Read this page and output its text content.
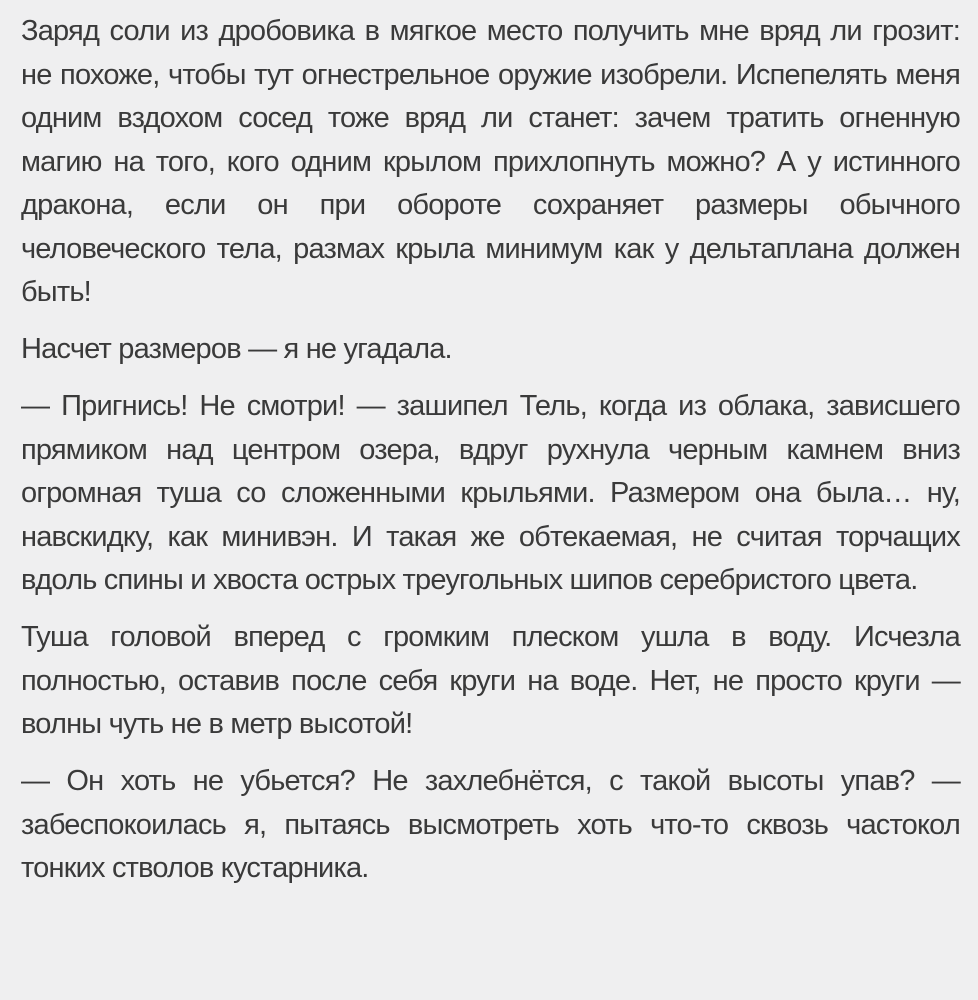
Заряд соли из дробовика в мягкое место получить мне вряд ли грозит: не похоже, чтобы тут огнестрельное оружие изобрели. Испепелять меня одним вздохом сосед тоже вряд ли станет: зачем тратить огненную магию на того, кого одним крылом прихлопнуть можно? А у истинного дракона, если он при обороте сохраняет размеры обычного человеческого тела, размах крыла минимум как у дельтаплана должен быть!

Насчет размеров — я не угадала.

— Пригнись! Не смотри! — зашипел Тель, когда из облака, зависшего прямиком над центром озера, вдруг рухнула черным камнем вниз огромная туша со сложенными крыльями. Размером она была… ну, навскидку, как минивэн. И такая же обтекаемая, не считая торчащих вдоль спины и хвоста острых треугольных шипов серебристого цвета.

Туша головой вперед с громким плеском ушла в воду. Исчезла полностью, оставив после себя круги на воде. Нет, не просто круги — волны чуть не в метр высотой!

— Он хоть не убьется? Не захлебнётся, с такой высоты упав? — забеспокоилась я, пытаясь высмотреть хоть что-то сквозь частокол тонких стволов кустарника.
